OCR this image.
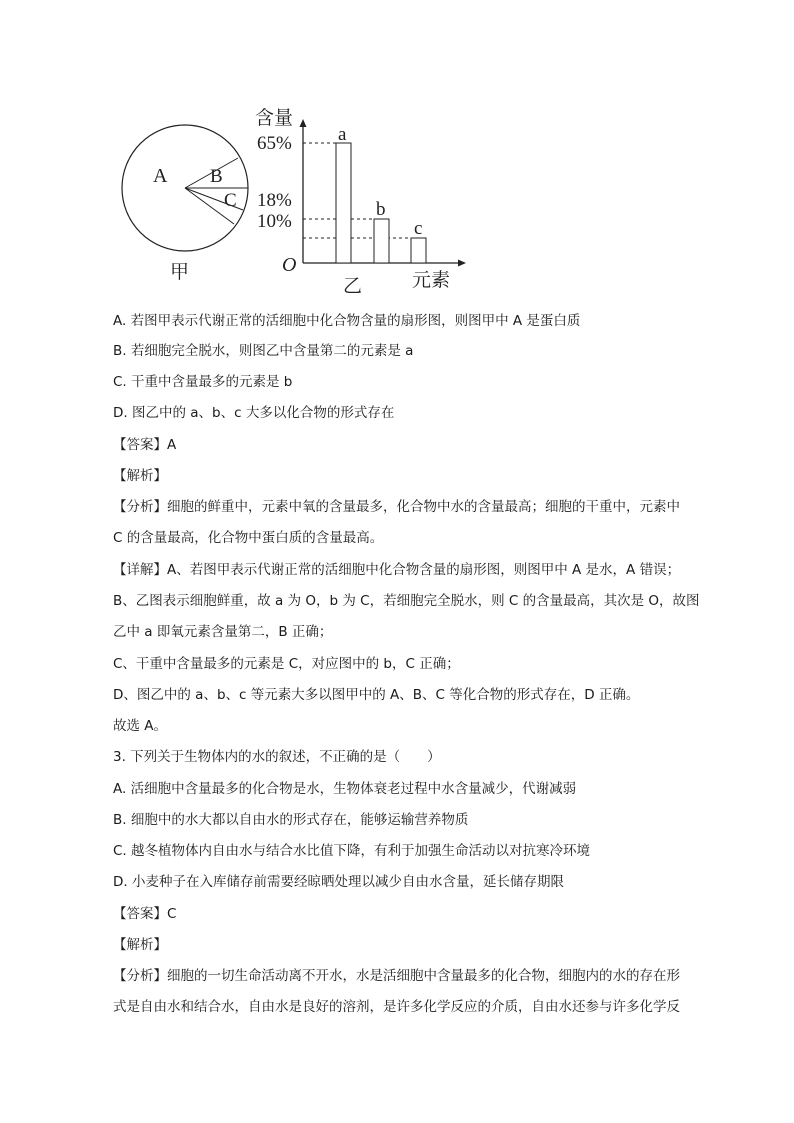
A B
C
甲
含量
O
元素
乙
65%
18%
10%
a
b
c
A. 若图甲表示代谢正常的活细胞中化合物含量的扇形图，则图甲中 A 是蛋白质
B. 若细胞完全脱水，则图乙中含量第二的元素是 a
C. 干重中含量最多的元素是 b
D. 图乙中的 a、b、c 大多以化合物的形式存在
【答案】A
【解析】
【分析】细胞的鲜重中，元素中氧的含量最多，化合物中水的含量最高；细胞的干重中，元素中
C 的含量最高，化合物中蛋白质的含量最高。
【详解】A、若图甲表示代谢正常的活细胞中化合物含量的扇形图，则图甲中 A 是水，A 错误；
B、乙图表示细胞鲜重，故 a 为 O，b 为 C，若细胞完全脱水，则 C 的含量最高，其次是 O，故图
乙中 a 即氧元素含量第二，B 正确；
C、干重中含量最多的元素是 C，对应图中的 b，C 正确；
D、图乙中的 a、b、c 等元素大多以图甲中的 A、B、C 等化合物的形式存在，D 正确。
故选 A。
3. 下列关于生物体内的水的叙述，不正确的是（　　）
A. 活细胞中含量最多的化合物是水，生物体衰老过程中水含量减少，代谢减弱
B. 细胞中的水大都以自由水的形式存在，能够运输营养物质
C. 越冬植物体内自由水与结合水比值下降，有利于加强生命活动以对抗寒冷环境
D. 小麦种子在入库储存前需要经晾晒处理以减少自由水含量，延长储存期限
【答案】C
【解析】
【分析】细胞的一切生命活动离不开水，水是活细胞中含量最多的化合物，细胞内的水的存在形
式是自由水和结合水，自由水是良好的溶剂，是许多化学反应的介质，自由水还参与许多化学反
